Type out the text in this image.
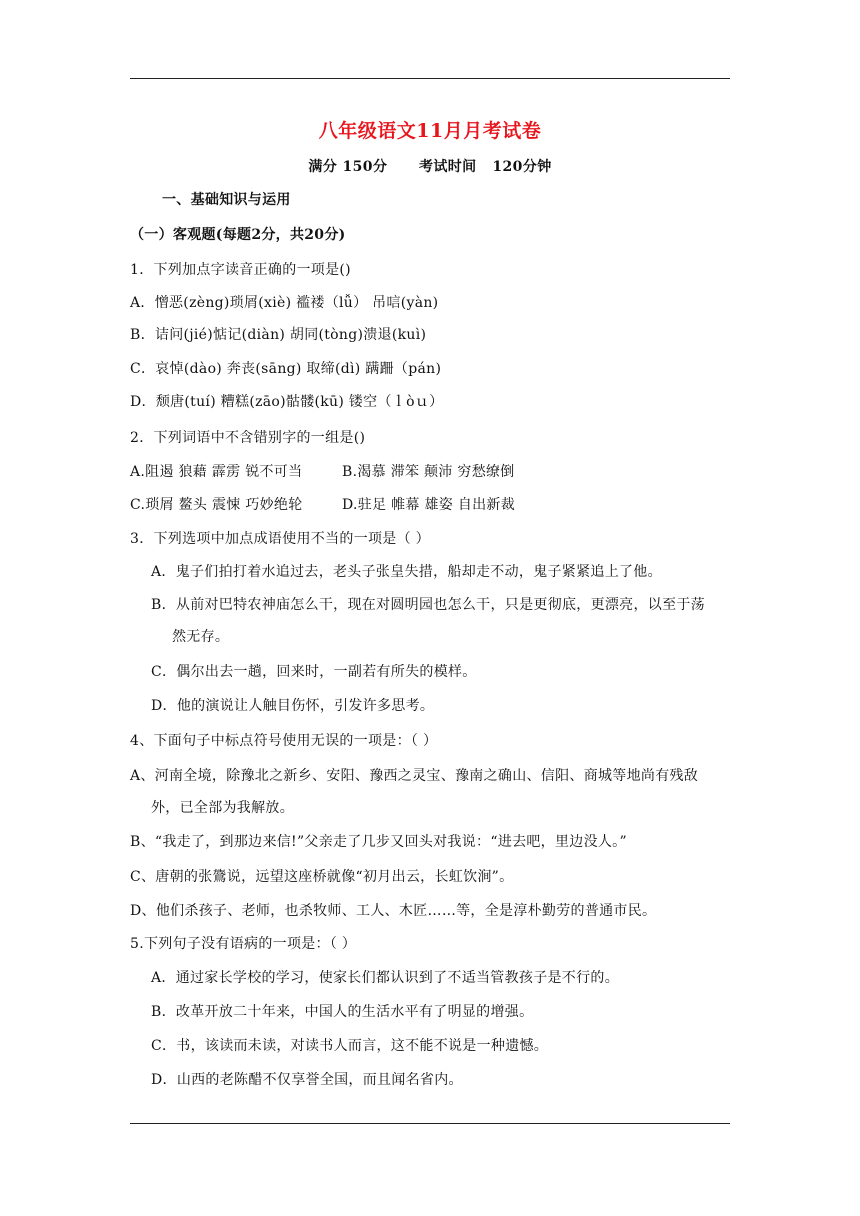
八年级语文11月月考试卷
满分 150分      考试时间   120分钟
一、基础知识与运用
（一）客观题(每题2分，共20分)
1．下列加点字读音正确的一项是()
A．憎恶(zèng)琐屑(xiè) 褴褛（lǚ） 吊唁(yàn)
B．诘问(jié)惦记(diàn) 胡同(tòng)溃退(kuì)
C．哀悼(dào) 奔丧(sāng) 取缔(dì) 蹒跚（pán)
D．颓唐(tuí) 糟糕(zāo)骷髅(kū) 镂空（ｌòｕ）
2．下列词语中不含错别字的一组是()
A.阻遏 狼藉 霹雳 锐不可当	B.渴慕 滞笨 颠沛 穷愁缭倒
C.琐屑 鳌头 震悚 巧妙绝轮	D.驻足 帷幕 雄姿 自出新裁
3．下列选项中加点成语使用不当的一项是（ ）
A．鬼子们拍打着水追过去，老头子张皇失措，船却走不动，鬼子紧紧追上了他。
B．从前对巴特农神庙怎么干，现在对圆明园也怎么干，只是更彻底，更漂亮，以至于荡
然无存。
C．偶尔出去一趟，回来时，一副若有所失的模样。
D．他的演说让人触目伤怀，引发许多思考。
4、下面句子中标点符号使用无误的一项是：（ ）
A、河南全境，除豫北之新乡、安阳、豫西之灵宝、豫南之确山、信阳、商城等地尚有残敌
外，已全部为我解放。
B、“我走了，到那边来信!”父亲走了几步又回头对我说：“进去吧，里边没人。”
C、唐朝的张鷟说，远望这座桥就像“初月出云，长虹饮涧”。
D、他们杀孩子、老师，也杀牧师、工人、木匠……等，全是淳朴勤劳的普通市民。
5.下列句子没有语病的一项是：（ ）
A．通过家长学校的学习，使家长们都认识到了不适当管教孩子是不行的。
B．改革开放二十年来，中国人的生活水平有了明显的增强。
C．书，该读而未读，对读书人而言，这不能不说是一种遗憾。
D．山西的老陈醋不仅享誉全国，而且闻名省内。
